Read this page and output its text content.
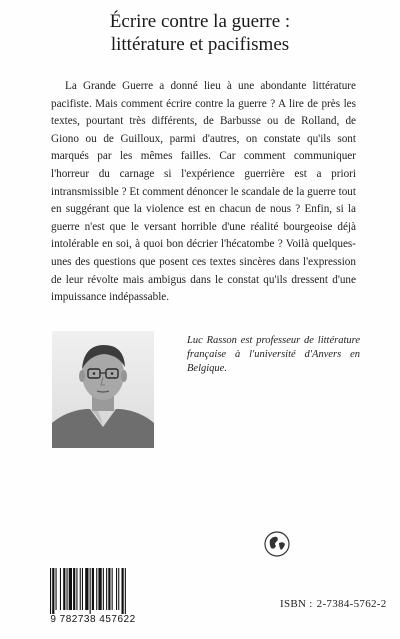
Écrire contre la guerre :
littérature et pacifismes
La Grande Guerre a donné lieu à une abondante littérature pacifiste. Mais comment écrire contre la guerre ? A lire de près les textes, pourtant très différents, de Barbusse ou de Rolland, de Giono ou de Guilloux, parmi d'autres, on constate qu'ils sont marqués par les mêmes failles. Car comment communiquer l'horreur du carnage si l'expérience guerrière est a priori intransmissible ? Et comment dénoncer le scandale de la guerre tout en suggérant que la violence est en chacun de nous ? Enfin, si la guerre n'est que le versant horrible d'une réalité bourgeoise déjà intolérable en soi, à quoi bon décrier l'hécatombe ? Voilà quelques-unes des questions que posent ces textes sincères dans l'expression de leur révolte mais ambigus dans le constat qu'ils dressent d'une impuissance indépassable.
Luc Rasson est professeur de littérature française à l'université d'Anvers en Belgique.
9 782738 457622
ISBN : 2-7384-5762-2
